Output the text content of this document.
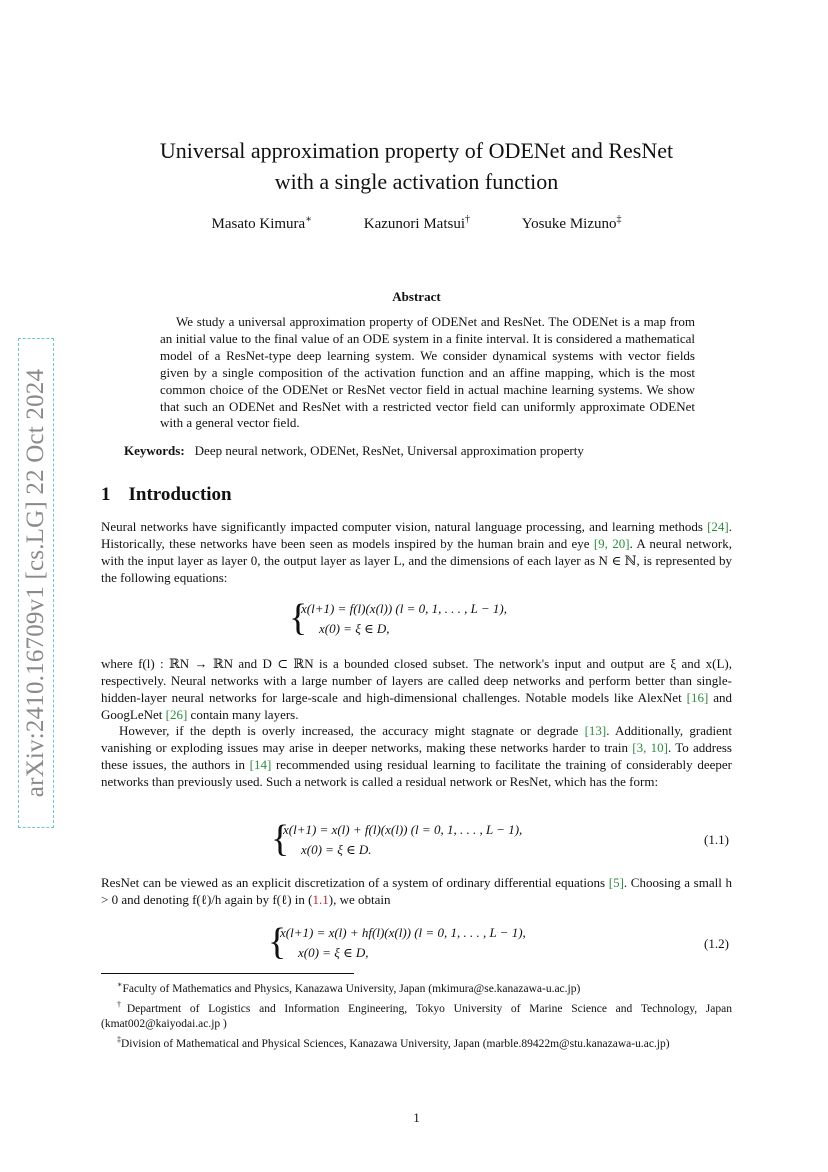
arXiv:2410.16709v1 [cs.LG] 22 Oct 2024
Universal approximation property of ODENet and ResNet
with a single activation function
Masato Kimura∗	Kazunori Matsui†	Yosuke Mizuno‡
Abstract

We study a universal approximation property of ODENet and ResNet. The ODENet is a map from an initial value to the final value of an ODE system in a finite interval. It is considered a mathematical model of a ResNet-type deep learning system. We consider dynamical systems with vector fields given by a single composition of the activation function and an affine mapping, which is the most common choice of the ODENet or ResNet vector field in actual machine learning systems. We show that such an ODENet and ResNet with a restricted vector field can uniformly approximate ODENet with a general vector field.

Keywords: Deep neural network, ODENet, ResNet, Universal approximation property
1 Introduction

Neural networks have significantly impacted computer vision, natural language processing, and learning methods [24]. Historically, these networks have been seen as models inspired by the human brain and eye [9, 20]. A neural network, with the input layer as layer 0, the output layer as layer L, and the dimensions of each layer as N ∈ ℕ, is represented by the following equations:

{
x(l+1) = f(l)(x(l)) (l = 0, 1, . . . , L − 1),
x(0) = ξ ∈ D,

where f(l) : ℝN → ℝN and D ⊂ ℝN is a bounded closed subset. The network's input and output are ξ and x(L), respectively. Neural networks with a large number of layers are called deep networks and perform better than single-hidden-layer neural networks for large-scale and high-dimensional challenges. Notable models like AlexNet [16] and GoogLeNet [26] contain many layers.

However, if the depth is overly increased, the accuracy might stagnate or degrade [13]. Additionally, gradient vanishing or exploding issues may arise in deeper networks, making these networks harder to train [3, 10]. To address these issues, the authors in [14] recommended using residual learning to facilitate the training of considerably deeper networks than previously used. Such a network is called a residual network or ResNet, which has the form:

{
x(l+1) = x(l) + f(l)(x(l)) (l = 0, 1, . . . , L − 1),
x(0) = ξ ∈ D.
(1.1)

ResNet can be viewed as an explicit discretization of a system of ordinary differential equations [5]. Choosing a small h > 0 and denoting f(ℓ)/h again by f(ℓ) in (1.1), we obtain

{
x(l+1) = x(l) + hf(l)(x(l)) (l = 0, 1, . . . , L − 1),
x(0) = ξ ∈ D,
(1.2)

∗Faculty of Mathematics and Physics, Kanazawa University, Japan (mkimura@se.kanazawa-u.ac.jp)

†Department of Logistics and Information Engineering, Tokyo University of Marine Science and Technology, Japan (kmat002@kaiyodai.ac.jp )

‡Division of Mathematical and Physical Sciences, Kanazawa University, Japan (marble.89422m@stu.kanazawa-u.ac.jp)

1
